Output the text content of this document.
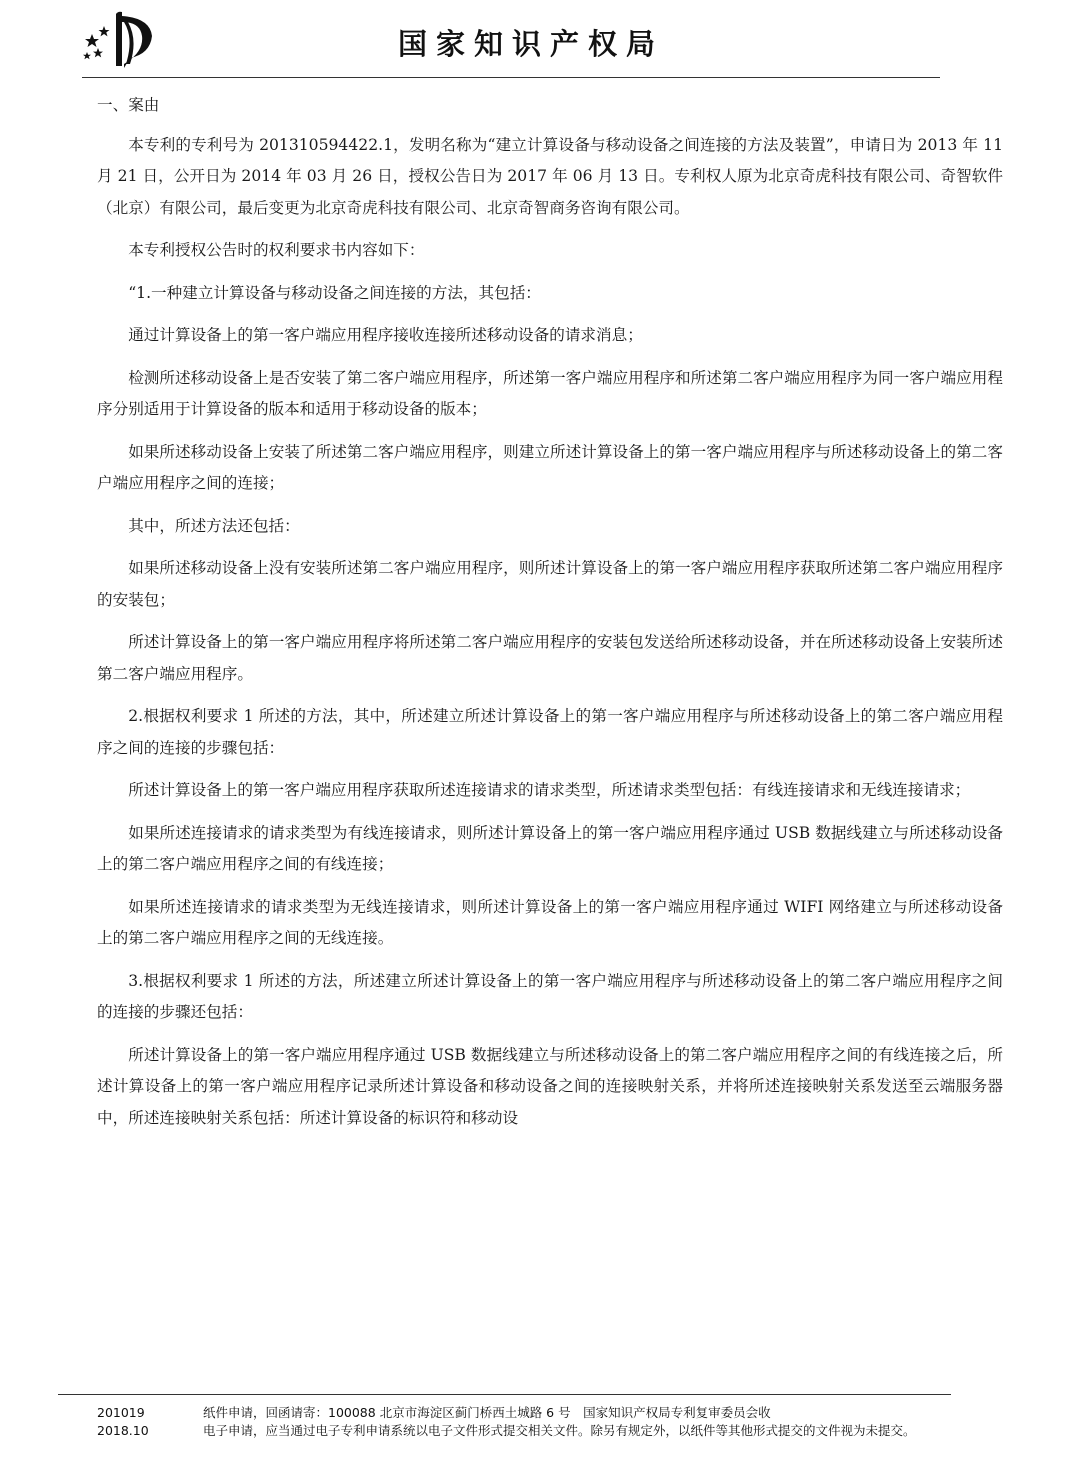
国家知识产权局

一、案由

本专利的专利号为 201310594422.1，发明名称为“建立计算设备与移动设备之间连接的方法及装置”，申请日为 2013 年 11 月 21 日，公开日为 2014 年 03 月 26 日，授权公告日为 2017 年 06 月 13 日。专利权人原为北京奇虎科技有限公司、奇智软件（北京）有限公司，最后变更为北京奇虎科技有限公司、北京奇智商务咨询有限公司。

本专利授权公告时的权利要求书内容如下：

“1.一种建立计算设备与移动设备之间连接的方法，其包括：

通过计算设备上的第一客户端应用程序接收连接所述移动设备的请求消息；

检测所述移动设备上是否安装了第二客户端应用程序，所述第一客户端应用程序和所述第二客户端应用程序为同一客户端应用程序分别适用于计算设备的版本和适用于移动设备的版本；

如果所述移动设备上安装了所述第二客户端应用程序，则建立所述计算设备上的第一客户端应用程序与所述移动设备上的第二客户端应用程序之间的连接；

其中，所述方法还包括：

如果所述移动设备上没有安装所述第二客户端应用程序，则所述计算设备上的第一客户端应用程序获取所述第二客户端应用程序的安装包；

所述计算设备上的第一客户端应用程序将所述第二客户端应用程序的安装包发送给所述移动设备，并在所述移动设备上安装所述第二客户端应用程序。

2.根据权利要求 1 所述的方法，其中，所述建立所述计算设备上的第一客户端应用程序与所述移动设备上的第二客户端应用程序之间的连接的步骤包括：

所述计算设备上的第一客户端应用程序获取所述连接请求的请求类型，所述请求类型包括：有线连接请求和无线连接请求；

如果所述连接请求的请求类型为有线连接请求，则所述计算设备上的第一客户端应用程序通过 USB 数据线建立与所述移动设备上的第二客户端应用程序之间的有线连接；

如果所述连接请求的请求类型为无线连接请求，则所述计算设备上的第一客户端应用程序通过 WIFI 网络建立与所述移动设备上的第二客户端应用程序之间的无线连接。

3.根据权利要求 1 所述的方法，所述建立所述计算设备上的第一客户端应用程序与所述移动设备上的第二客户端应用程序之间的连接的步骤还包括：

所述计算设备上的第一客户端应用程序通过 USB 数据线建立与所述移动设备上的第二客户端应用程序之间的有线连接之后，所述计算设备上的第一客户端应用程序记录所述计算设备和移动设备之间的连接映射关系，并将所述连接映射关系发送至云端服务器中，所述连接映射关系包括：所述计算设备的标识符和移动设

201019	纸件申请，回函请寄：100088 北京市海淀区蓟门桥西土城路 6 号　国家知识产权局专利复审委员会收
2018.10	电子申请，应当通过电子专利申请系统以电子文件形式提交相关文件。除另有规定外，以纸件等其他形式提交的文件视为未提交。
